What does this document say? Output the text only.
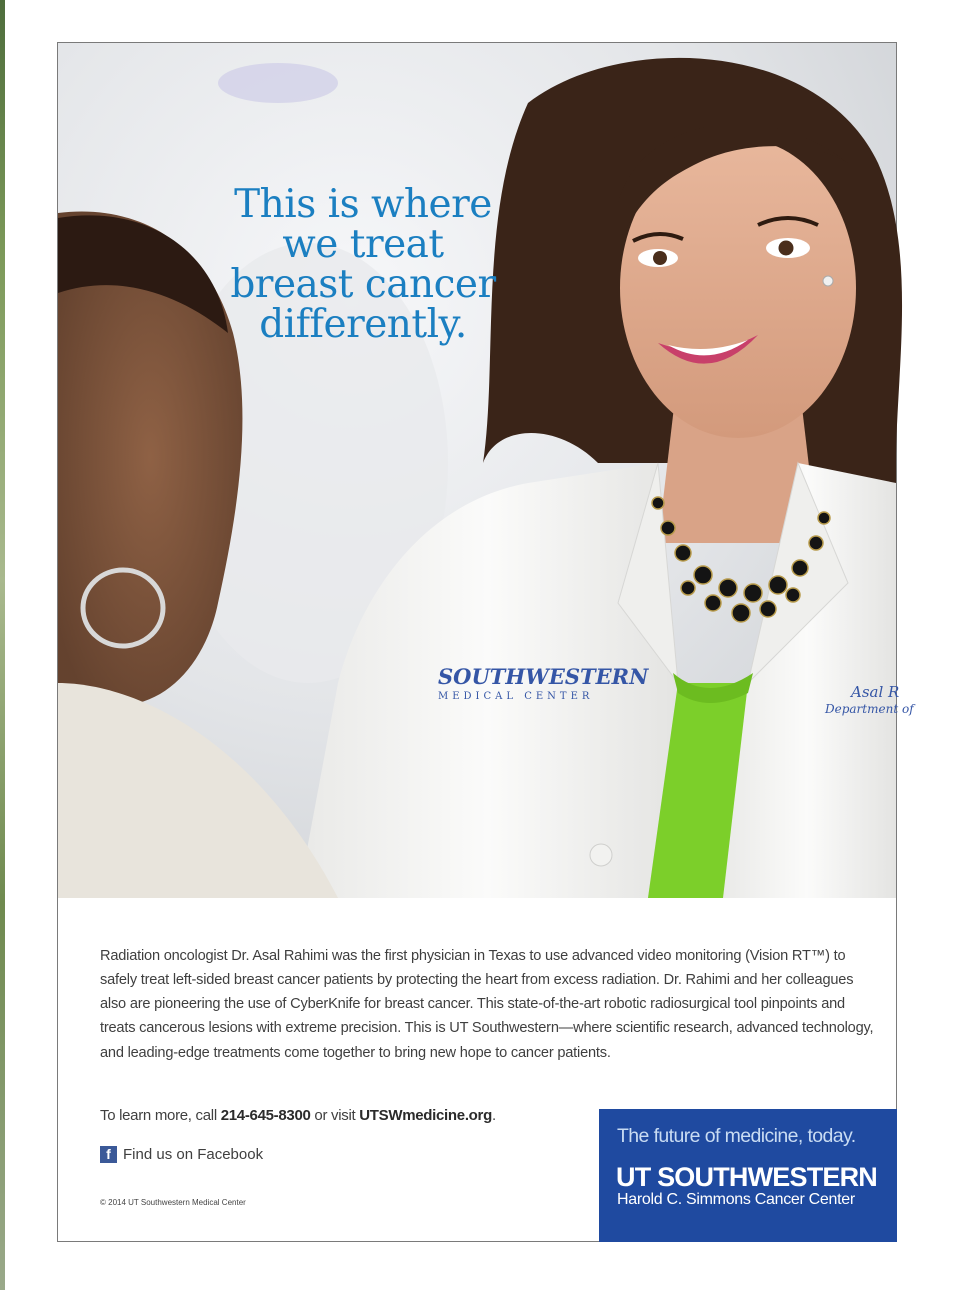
SOUTHWESTERN
MEDICAL CENTER	Asal R
Department of
This is where
we treat
breast cancer
differently.

Radiation oncologist Dr. Asal Rahimi was the first physician in Texas to use advanced video monitoring (Vision RT™) to safely treat left-sided breast cancer patients by protecting the heart from excess radiation. Dr. Rahimi and her colleagues also are pioneering the use of CyberKnife for breast cancer. This state-of-the-art robotic radiosurgical tool pinpoints and treats cancerous lesions with extreme precision. This is UT Southwestern—where scientific research, advanced technology, and leading-edge treatments come together to bring new hope to cancer patients.

To learn more, call 214-645-8300 or visit UTSWmedicine.org.
f Find us on Facebook
© 2014 UT Southwestern Medical Center
The future of medicine, today.
UT SOUTHWESTERN
Harold C. Simmons Cancer Center
